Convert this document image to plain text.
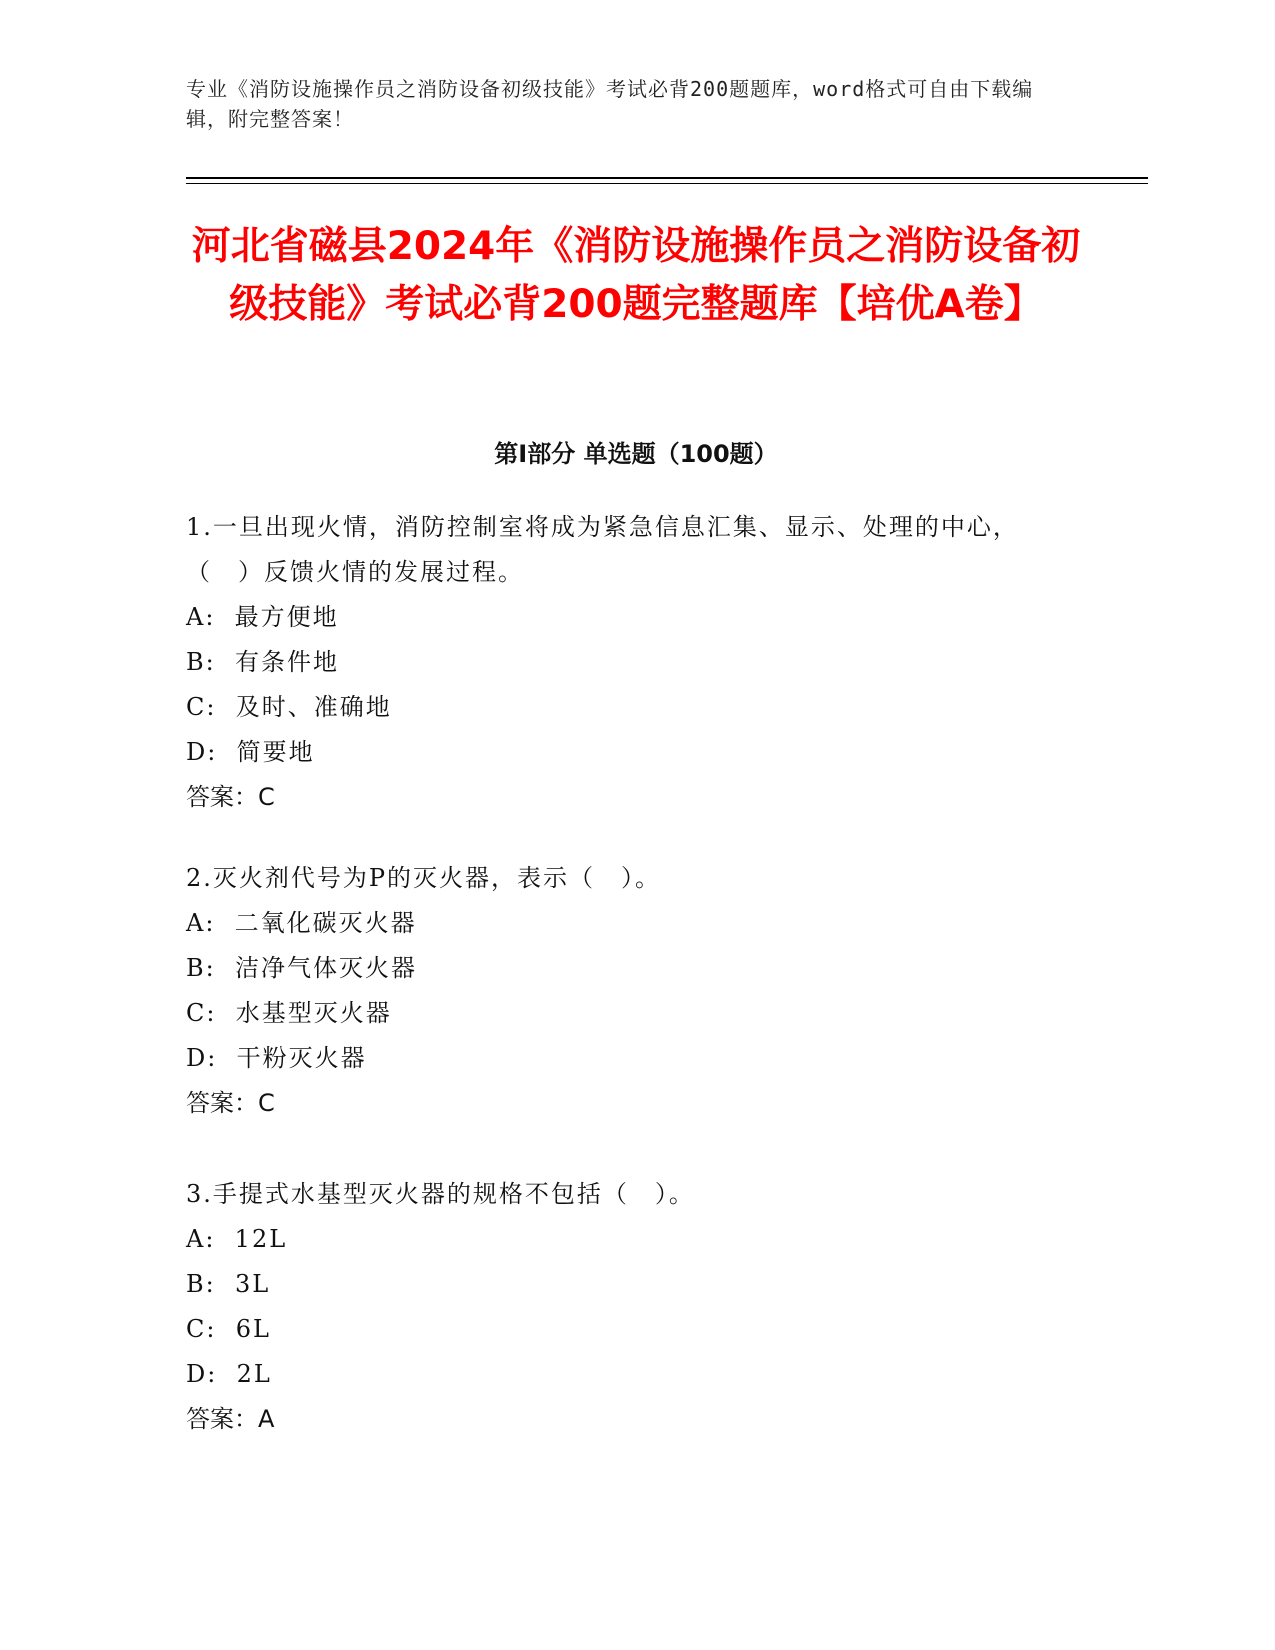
专业《消防设施操作员之消防设备初级技能》考试必背200题题库，word格式可自由下载编辑，附完整答案！

河北省磁县2024年《消防设施操作员之消防设备初级技能》考试必背200题完整题库【培优A卷】
第I部分 单选题（100题）

1.一旦出现火情，消防控制室将成为紧急信息汇集、显示、处理的中心，（　）反馈火情的发展过程。

A:  最方便地

B:  有条件地

C:  及时、准确地

D:  简要地

答案：C

2.灭火剂代号为P的灭火器，表示（　）。

A:  二氧化碳灭火器

B:  洁净气体灭火器

C:  水基型灭火器

D:  干粉灭火器

答案：C

3.手提式水基型灭火器的规格不包括（　）。

A:  12L

B:  3L

C:  6L

D:  2L

答案：A
